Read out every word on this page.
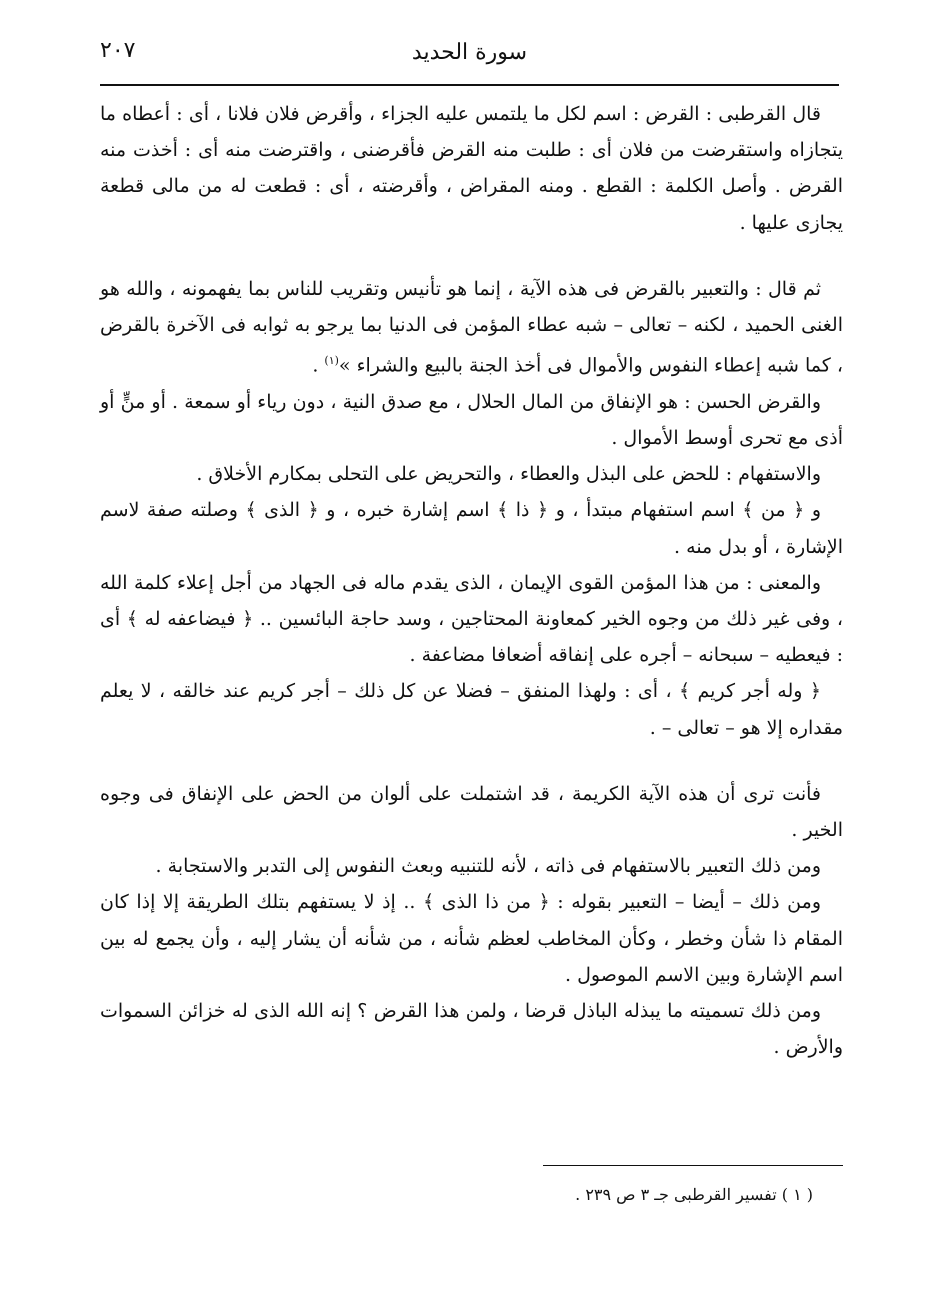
سورة الحديد
٢٠٧

قال القرطبى : القرض : اسم لكل ما يلتمس عليه الجزاء ، وأقرض فلان فلانا ، أى : أعطاه ما يتجازاه واستقرضت من فلان أى : طلبت منه القرض فأقرضنى ، واقترضت منه أى : أخذت منه القرض . وأصل الكلمة : القطع . ومنه المقراض ، وأقرضته ، أى : قطعت له من مالى قطعة يجازى عليها .

ثم قال : والتعبير بالقرض فى هذه الآية ، إنما هو تأنيس وتقريب للناس بما يفهمونه ، والله هو الغنى الحميد ، لكنه – تعالى – شبه عطاء المؤمن فى الدنيا بما يرجو به ثوابه فى الآخرة بالقرض ، كما شبه إعطاء النفوس والأموال فى أخذ الجنة بالبيع والشراء »$^{(١)}$ .

والقرض الحسن : هو الإنفاق من المال الحلال ، مع صدق النية ، دون رياء أو سمعة . أو منٍّ أو أذى مع تحرى أوسط الأموال .

والاستفهام : للحض على البذل والعطاء ، والتحريض على التحلى بمكارم الأخلاق .

و ﴿ من ﴾ اسم استفهام مبتدأ ، و ﴿ ذا ﴾ اسم إشارة خبره ، و ﴿ الذى ﴾ وصلته صفة لاسم الإشارة ، أو بدل منه .

والمعنى : من هذا المؤمن القوى الإيمان ، الذى يقدم ماله فى الجهاد من أجل إعلاء كلمة الله ، وفى غير ذلك من وجوه الخير كمعاونة المحتاجين ، وسد حاجة البائسين .. ﴿ فيضاعفه له ﴾ أى : فيعطيه – سبحانه – أجره على إنفاقه أضعافا مضاعفة .

﴿ وله أجر كريم ﴾ ، أى : ولهذا المنفق – فضلا عن كل ذلك – أجر كريم عند خالقه ، لا يعلم مقداره إلا هو – تعالى – .

فأنت ترى أن هذه الآية الكريمة ، قد اشتملت على ألوان من الحض على الإنفاق فى وجوه الخير .

ومن ذلك التعبير بالاستفهام فى ذاته ، لأنه للتنبيه وبعث النفوس إلى التدبر والاستجابة .

ومن ذلك – أيضا – التعبير بقوله : ﴿ من ذا الذى ﴾ .. إذ لا يستفهم بتلك الطريقة إلا إذا كان المقام ذا شأن وخطر ، وكأن المخاطب لعظم شأنه ، من شأنه أن يشار إليه ، وأن يجمع له بين اسم الإشارة وبين الاسم الموصول .

ومن ذلك تسميته ما يبذله الباذل قرضا ، ولمن هذا القرض ؟ إنه الله الذى له خزائن السموات والأرض .

( ١ ) تفسير القرطبى جـ ٣ ص ٢٣٩ .
